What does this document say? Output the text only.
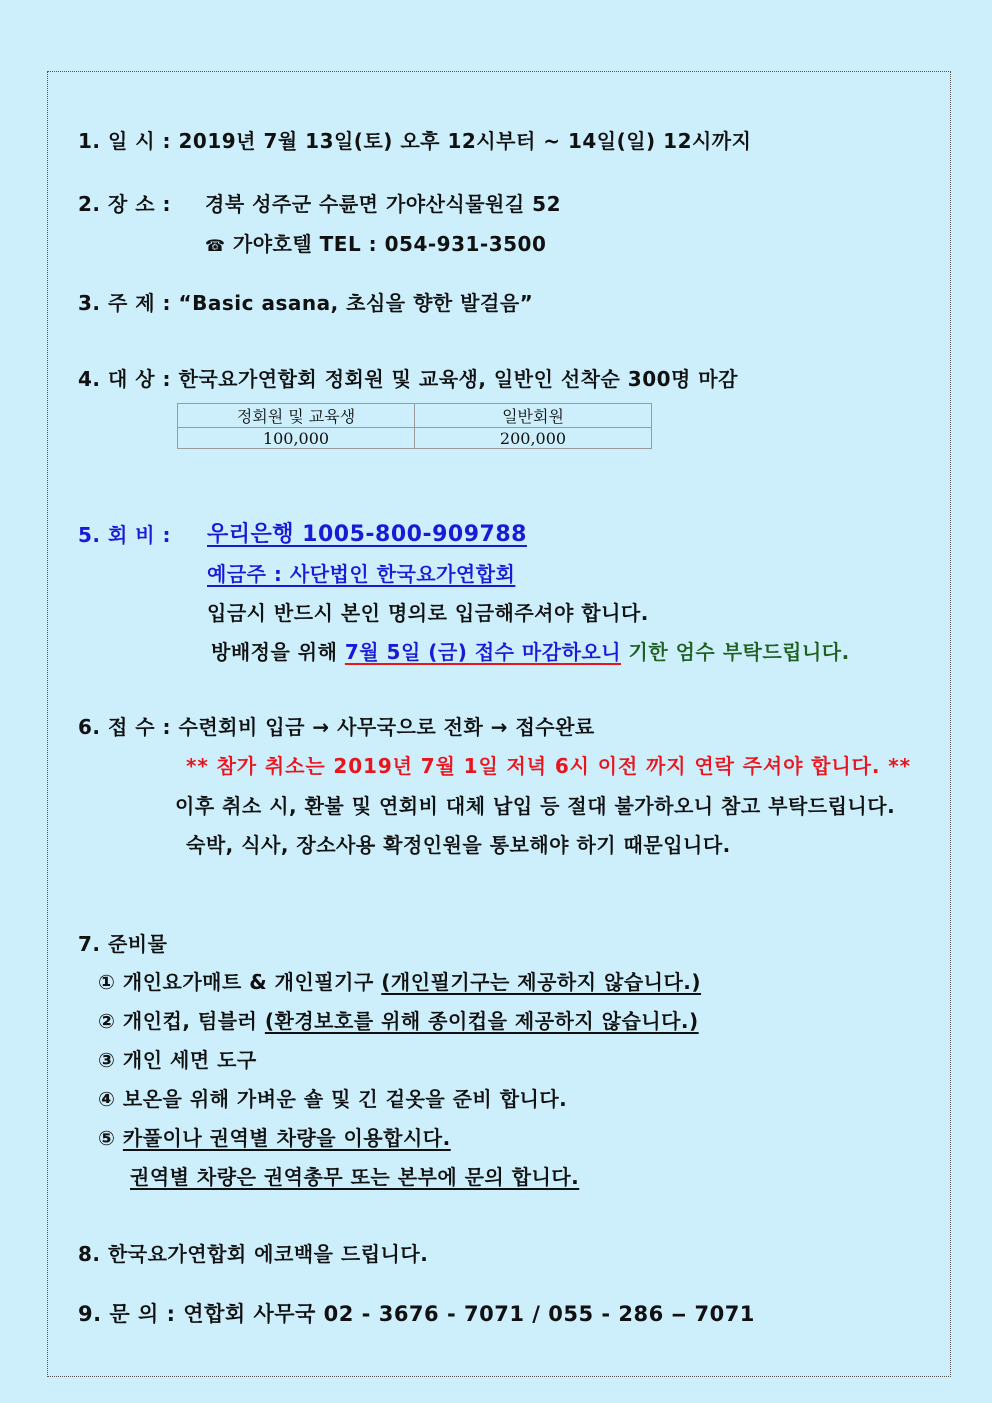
1. 일 시 : 2019년 7월 13일(토) 오후 12시부터 ~ 14일(일) 12시까지
2. 장 소 : 경북 성주군 수륜면 가야산식물원길 52
☎ 가야호텔 TEL : 054-931-3500
3. 주 제 : “Basic asana, 초심을 향한 발걸음”
4. 대 상 : 한국요가연합회 정회원 및 교육생, 일반인 선착순 300명 마감
정회원 및 교육생	일반회원
100,000	200,000
5. 회 비 : 우리은행 1005-800-909788
예금주 : 사단법인 한국요가연합회
입금시 반드시 본인 명의로 입금해주셔야 합니다.
방배정을 위해 7월 5일 (금) 접수 마감하오니 기한 엄수 부탁드립니다.
6. 접 수 : 수련회비 입금 → 사무국으로 전화 → 접수완료
** 참가 취소는 2019년 7월 1일 저녁 6시 이전 까지 연락 주셔야 합니다. **
이후 취소 시, 환불 및 연회비 대체 납입 등 절대 불가하오니 참고 부탁드립니다.
숙박, 식사, 장소사용 확정인원을 통보해야 하기 때문입니다.
7. 준비물
① 개인요가매트 & 개인필기구 (개인필기구는 제공하지 않습니다.)
② 개인컵, 텀블러 (환경보호를 위해 종이컵을 제공하지 않습니다.)
③ 개인 세면 도구
④ 보온을 위해 가벼운 숄 및 긴 겉옷을 준비 합니다.
⑤ 카풀이나 권역별 차량을 이용합시다.
권역별 차량은 권역총무 또는 본부에 문의 합니다.
8. 한국요가연합회 에코백을 드립니다.
9. 문 의 : 연합회 사무국 02 - 3676 - 7071 / 055 - 286 ‒ 7071
